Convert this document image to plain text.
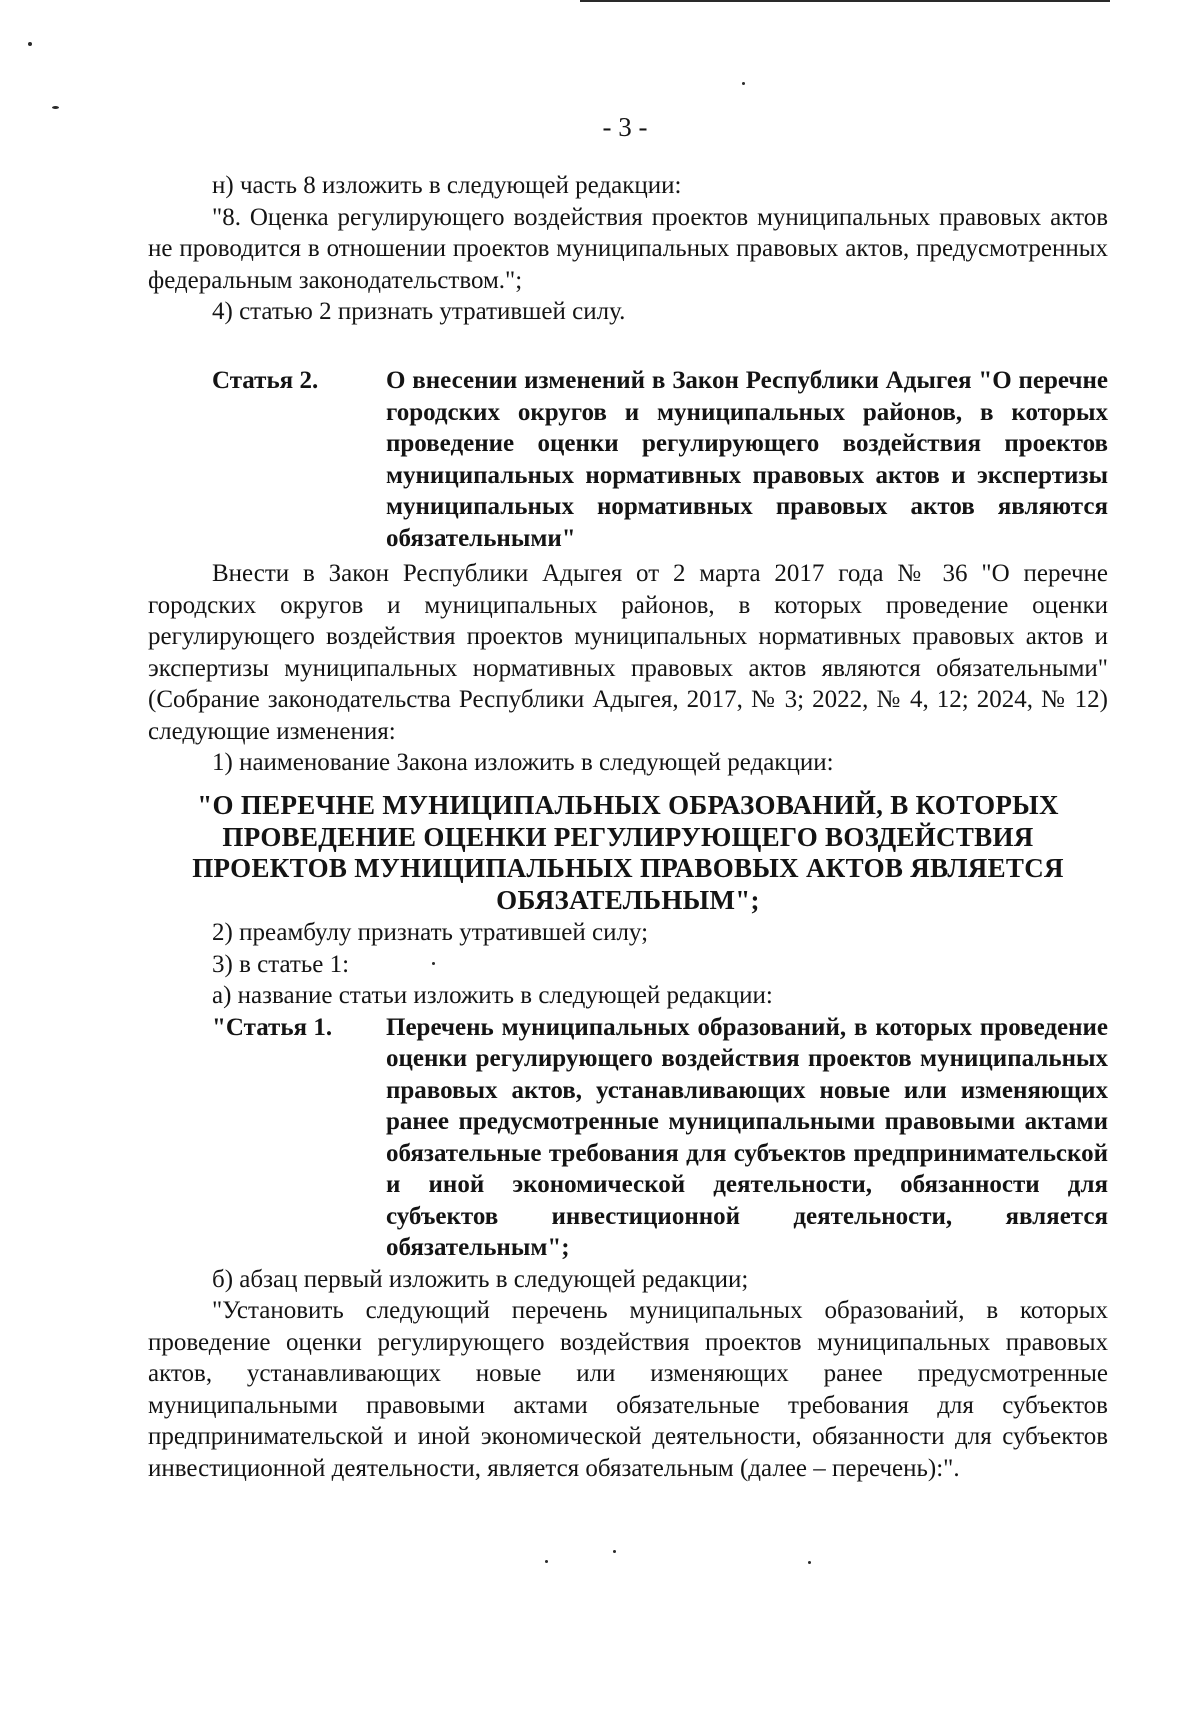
- 3 -

н) часть 8 изложить в следующей редакции:

"8. Оценка регулирующего воздействия проектов муниципальных правовых актов не проводится в отношении проектов муниципальных правовых актов, предусмотренных федеральным законодательством.";

4) статью 2 признать утратившей силу.

Статья 2.	О внесении изменений в Закон Республики Адыгея "О перечне городских округов и муниципальных районов, в которых проведение оценки регулирующего воздействия проектов муниципальных нормативных правовых актов и экспертизы муниципальных нормативных правовых актов являются обязательными"

Внести в Закон Республики Адыгея от 2 марта 2017 года № 36 "О перечне городских округов и муниципальных районов, в которых проведение оценки регулирующего воздействия проектов муниципальных нормативных правовых актов и экспертизы муниципальных нормативных правовых актов являются обязательными" (Собрание законодательства Республики Адыгея, 2017, № 3; 2022, № 4, 12; 2024, № 12) следующие изменения:

1) наименование Закона изложить в следующей редакции:

"О ПЕРЕЧНЕ МУНИЦИПАЛЬНЫХ ОБРАЗОВАНИЙ, В КОТОРЫХ

ПРОВЕДЕНИЕ ОЦЕНКИ РЕГУЛИРУЮЩЕГО ВОЗДЕЙСТВИЯ

ПРОЕКТОВ МУНИЦИПАЛЬНЫХ ПРАВОВЫХ АКТОВ ЯВЛЯЕТСЯ

ОБЯЗАТЕЛЬНЫМ";

2) преамбулу признать утратившей силу;

3) в статье 1:

а) название статьи изложить в следующей редакции:

"Статья 1.	Перечень муниципальных образований, в которых проведение оценки регулирующего воздействия проектов муниципальных правовых актов, устанавливающих новые или изменяющих ранее предусмотренные муниципальными правовыми актами обязательные требования для субъектов предпринимательской и иной экономической деятельности, обязанности для субъектов инвестиционной деятельности, является обязательным";

б) абзац первый изложить в следующей редакции;

"Установить следующий перечень муниципальных образований, в которых проведение оценки регулирующего воздействия проектов муниципальных правовых актов, устанавливающих новые или изменяющих ранее предусмотренные муниципальными правовыми актами обязательные требования для субъектов предпринимательской и иной экономической деятельности, обязанности для субъектов инвестиционной деятельности, является обязательным (далее – перечень):".
